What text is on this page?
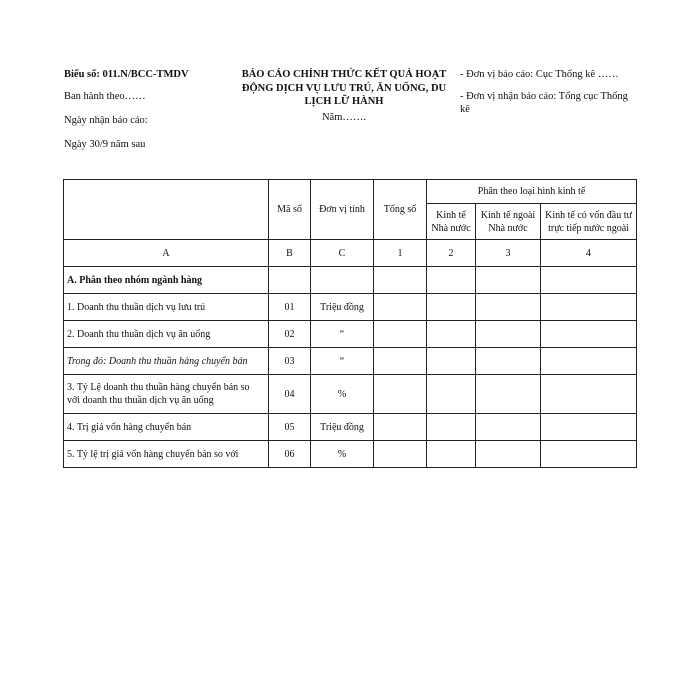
Biểu số: 011.N/BCC-TMDV
Ban hành theo……
Ngày nhận báo cáo:
Ngày 30/9 năm sau
BÁO CÁO CHÍNH THỨC KẾT QUẢ HOẠT ĐỘNG DỊCH VỤ LƯU TRÚ, ĂN UỐNG, DU LỊCH LỮ HÀNH
Năm…….
- Đơn vị báo cáo: Cục Thống kê ……
- Đơn vị nhận báo cáo: Tổng cục Thống kê
	Mã số	Đơn vị tính	Tổng số	Phân theo loại hình kinh tế		
				Kinh tế Nhà nước	Kinh tế ngoài Nhà nước	Kinh tế có vốn đầu tư trực tiếp nước ngoài
A	B	C	1	2	3	4
A. Phân theo nhóm ngành hàng						
1. Doanh thu thuần dịch vụ lưu trú	01	Triệu đồng				
2. Doanh thu thuần dịch vụ ăn uống	02	“				
Trong đó: Doanh thu thuần hàng chuyển bán	03	“				
3. Tỷ Lệ doanh thu thuần hàng chuyển bán so với doanh thu thuần dịch vụ ăn uống	04	%				
4. Trị giá vốn hàng chuyển bán	05	Triệu đồng				
5. Tỷ lệ trị giá vốn hàng chuyển bán so với	06	%				
